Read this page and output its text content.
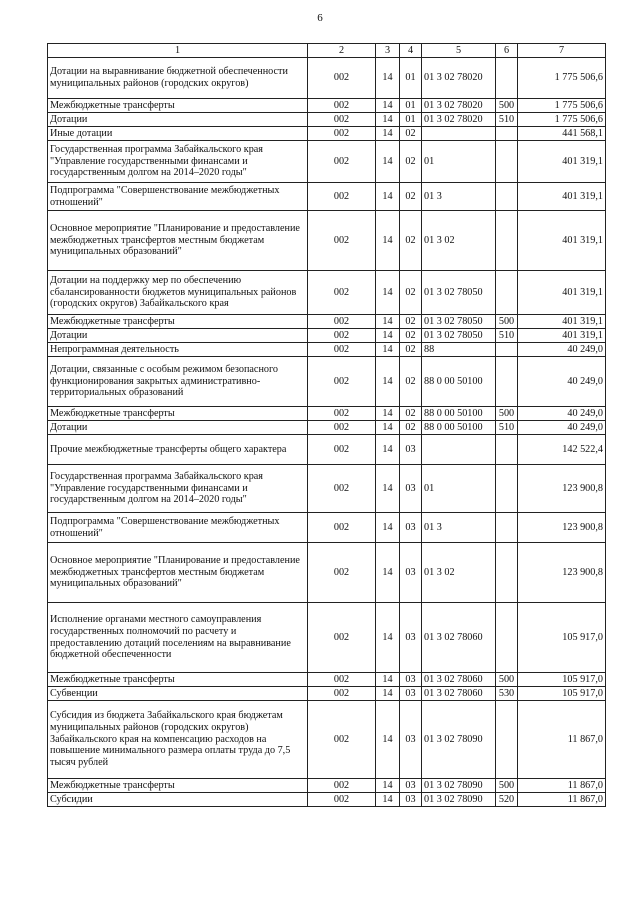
6
1	2	3	4	5	6	7
Дотации на выравнивание бюджетной обеспеченности муниципальных районов (городских округов)	002	14	01	01 3 02 78020		1 775 506,6
Межбюджетные трансферты	002	14	01	01 3 02 78020	500	1 775 506,6
Дотации	002	14	01	01 3 02 78020	510	1 775 506,6
Иные дотации	002	14	02			441 568,1
Государственная программа Забайкальского края "Управление государственными финансами и государственным долгом на 2014–2020 годы"	002	14	02	01		401 319,1
Подпрограмма "Совершенствование межбюджетных отношений"	002	14	02	01 3		401 319,1
Основное мероприятие "Планирование и предоставление межбюджетных трансфертов местным бюджетам муниципальных образований"	002	14	02	01 3 02		401 319,1
Дотации на поддержку мер по обеспечению сбалансированности бюджетов муниципальных районов (городских округов) Забайкальского края	002	14	02	01 3 02 78050		401 319,1
Межбюджетные трансферты	002	14	02	01 3 02 78050	500	401 319,1
Дотации	002	14	02	01 3 02 78050	510	401 319,1
Непрограммная деятельность	002	14	02	88		40 249,0
Дотации, связанные с особым режимом безопасного функционирования закрытых административно-территориальных образований	002	14	02	88 0 00 50100		40 249,0
Межбюджетные трансферты	002	14	02	88 0 00 50100	500	40 249,0
Дотации	002	14	02	88 0 00 50100	510	40 249,0
Прочие межбюджетные трансферты общего характера	002	14	03			142 522,4
Государственная программа Забайкальского края "Управление государственными финансами и государственным долгом на 2014–2020 годы"	002	14	03	01		123 900,8
Подпрограмма "Совершенствование межбюджетных отношений"	002	14	03	01 3		123 900,8
Основное мероприятие "Планирование и предоставление межбюджетных трансфертов местным бюджетам муниципальных образований"	002	14	03	01 3 02		123 900,8
Исполнение органами местного самоуправления государственных полномочий по расчету и предоставлению дотаций поселениям на выравнивание бюджетной обеспеченности	002	14	03	01 3 02 78060		105 917,0
Межбюджетные трансферты	002	14	03	01 3 02 78060	500	105 917,0
Субвенции	002	14	03	01 3 02 78060	530	105 917,0
Субсидия из бюджета Забайкальского края бюджетам муниципальных районов (городских округов) Забайкальского края на компенсацию расходов на повышение минимального размера оплаты труда до 7,5 тысяч рублей	002	14	03	01 3 02 78090		11 867,0
Межбюджетные трансферты	002	14	03	01 3 02 78090	500	11 867,0
Субсидии	002	14	03	01 3 02 78090	520	11 867,0
